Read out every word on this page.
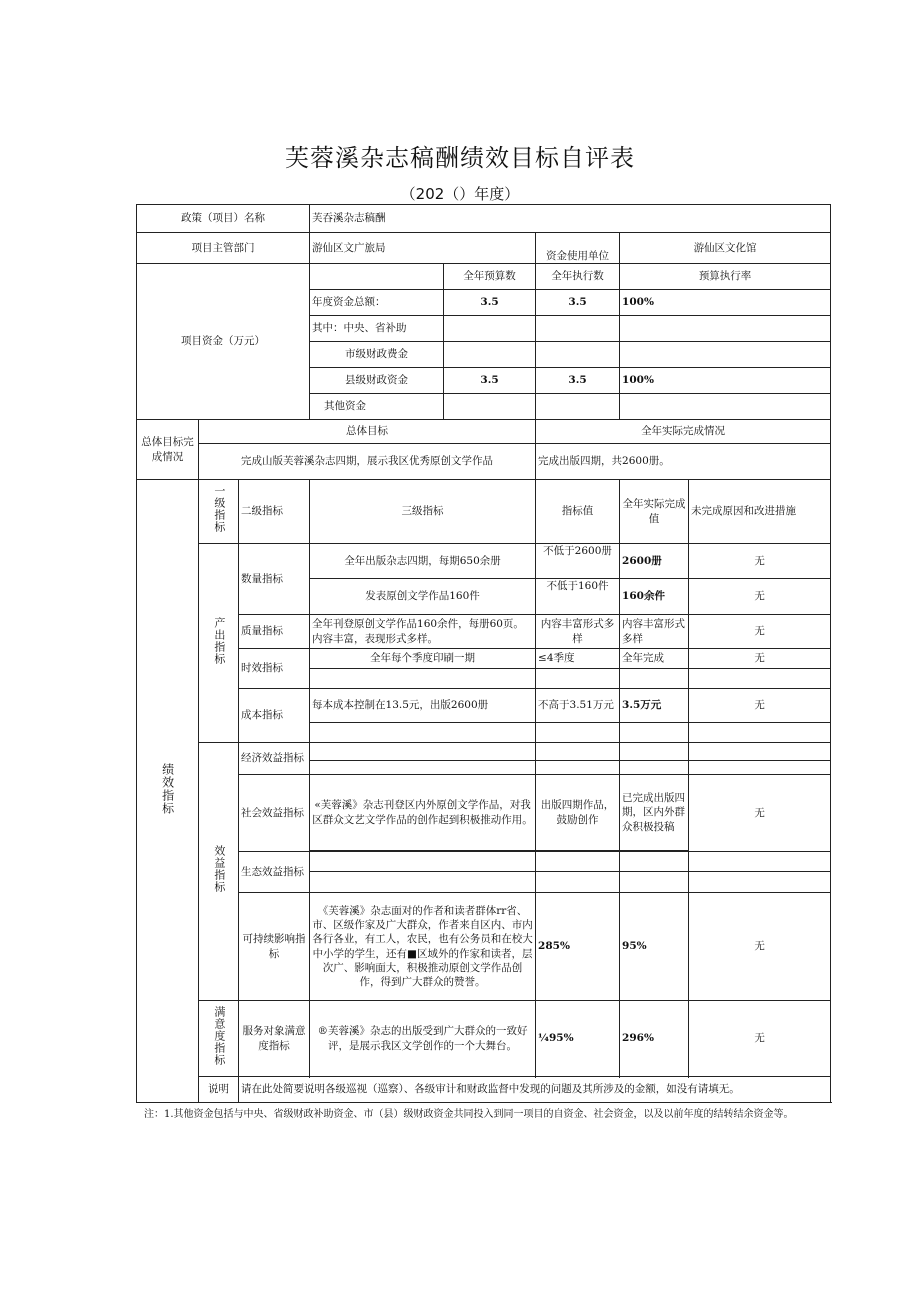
芙蓉溪杂志稿酬绩效目标自评表
（202（）年度）
政策（项目）名称			芙吞溪杂志稿酬				
项目主管部门			游仙区文广旅局		资金使用单位	游仙区文化馆	
项目资金（万元）				全年预算数	全年执行数	预算执行率	
			年度资金总额：	3.5	3.5	100%	
			其中：中央、省补助				
			市级财政费金				
			县级财政资金	3.5	3.5	100%	
			其他资金				
总体目标完成情况	总体目标				全年实际完成情况		
	完成山版芙蓉溪杂志四期，展示我区优秀原创文学作品				完成出版四期，共2600册。		
绩效指标	一级指标	二级指标	三级指标		指标值	全年实际完成值	未完成原因和改进措施
	产出指标	数量指标	全年出版杂志四期，每期650余册		不低于2600册	2600册	无
			发表原创文学作品160件		不低于160件	160余件	无
		质量指标	全年刊登原创文学作品160余件，每册60页。内容丰富，表现形式多样。		内容丰富形式多样	内容丰富形式多样	无
		时效指标	全年每个季度印刷一期		≤4季度	全年完成	无

		成本指标	每本成本控制在13.5元，出版2600册		不高于3.51万元	3.5万元	无

	效益指标	经济效益指标					

		社会效益指标	«芙蓉溪》杂志刊登区内外原创文学作品，对我区群众文艺文学作品的创作起到积极推动作用。		出版四期作品，鼓励创作	已完成出版四期，区内外群众积极投稿	无

		生态效益指标					

		可持续影响指标	《芙蓉溪》杂志面对的作者和读者群体rr省、市、区级作家及广大群众，作者来自区内、市内各行各业，有工人，农民，也有公务员和在校大中小学的学生，还有■区域外的作家和读者，层次广、影响面大，积极推动原创文学作品创
作，得到广大群众的赞誉。		285%	95%	无

	满意度指标	服务对象满意度指标	®芙蓉溪》杂志的出版受到广大群众的一致好评，是展示我区文学创作的一个大舞台。		¼95%	296%	无

	说明	请在此处简要说明各级巡视（巡察）、各级审计和财政监督中发现的问题及其所涉及的金额，如没有请填无。					
注：1.其他资金包括与中央、省级财政补助资金、市（县）级财政资金共同投入到同一项目的自资金、社会资金，以及以前年度的结转结余资金等。
